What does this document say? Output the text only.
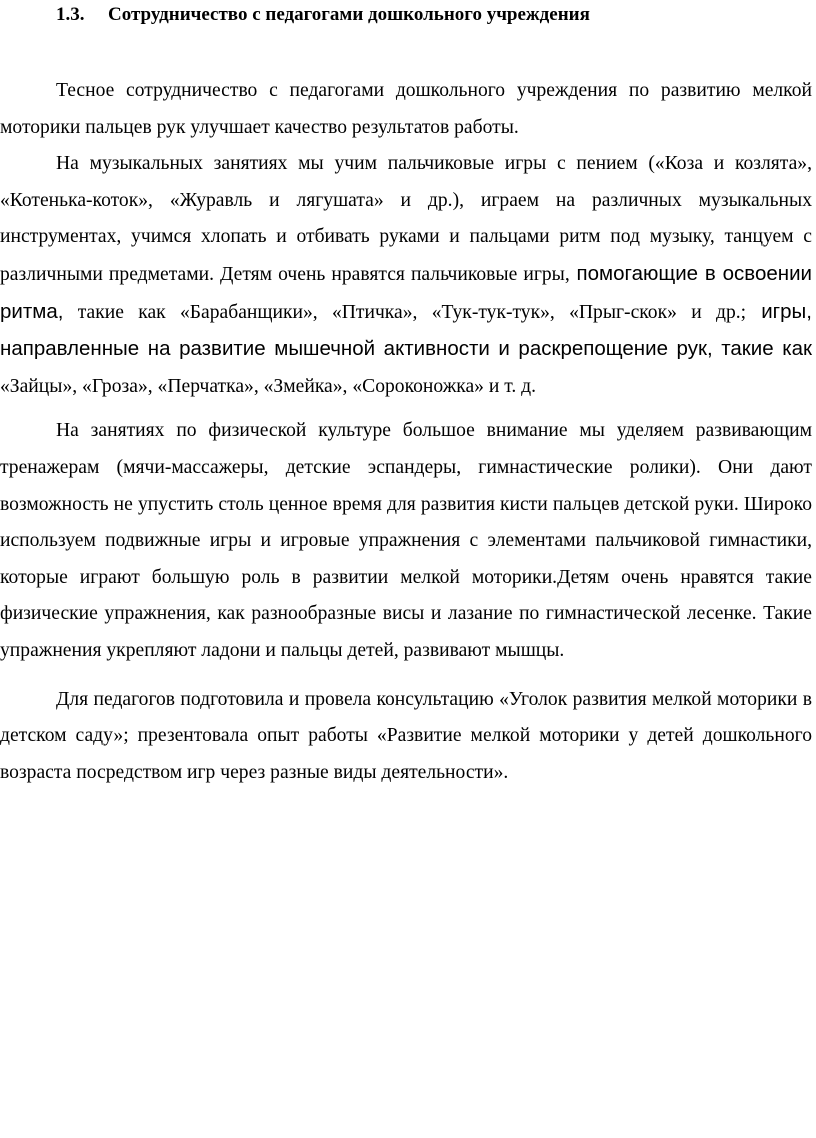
1.3. Сотрудничество с педагогами дошкольного учреждения

Тесное сотрудничество с педагогами дошкольного учреждения по развитию мелкой моторики пальцев рук улучшает качество результатов работы.

На музыкальных занятиях мы учим пальчиковые игры с пением («Коза и козлята», «Котенька-коток», «Журавль и лягушата» и др.), играем на различных музыкальных инструментах, учимся хлопать и отбивать руками и пальцами ритм под музыку, танцуем с различными предметами. Детям очень нравятся пальчиковые игры, помогающие в освоении ритма, такие как «Барабанщики», «Птичка», «Тук-тук-тук», «Прыг-скок» и др.; игры, направленные на развитие мышечной активности и раскрепощение рук, такие как «Зайцы», «Гроза», «Перчатка», «Змейка», «Сороконожка» и т. д.

На занятиях по физической культуре большое внимание мы уделяем развивающим тренажерам (мячи-массажеры, детские эспандеры, гимнастические ролики). Они дают возможность не упустить столь ценное время для развития кисти пальцев детской руки. Широко используем подвижные игры и игровые упражнения с элементами пальчиковой гимнастики, которые играют большую роль в развитии мелкой моторики.Детям очень нравятся такие физические упражнения, как разнообразные висы и лазание по гимнастической лесенке. Такие упражнения укрепляют ладони и пальцы детей, развивают мышцы.

Для педагогов подготовила и провела консультацию «Уголок развития мелкой моторики в детском саду»; презентовала опыт работы «Развитие мелкой моторики у детей дошкольного возраста посредством игр через разные виды деятельности».
